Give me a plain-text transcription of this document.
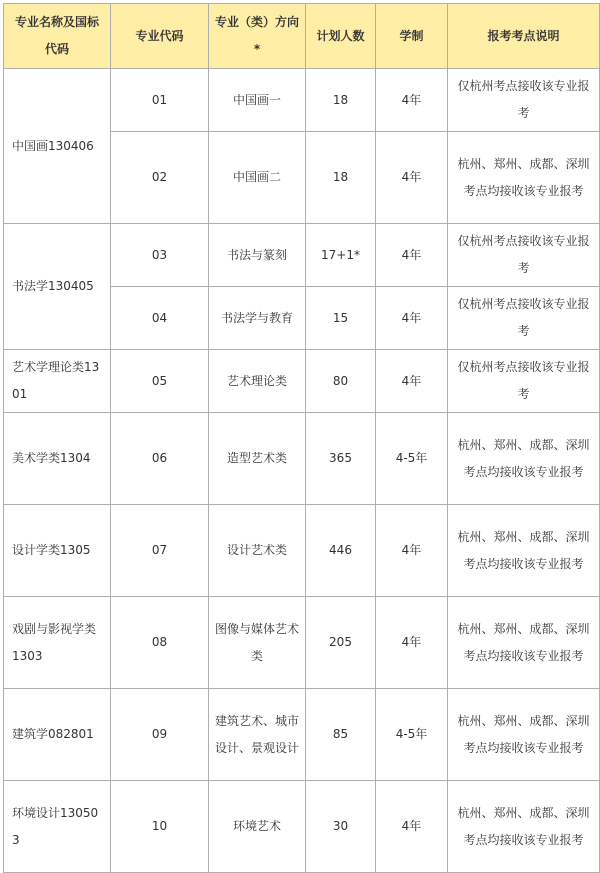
专业名称及国标代码	专业代码	专业（类）方向*	计划人数	学制	报考考点说明
中国画130406	01	中国画一	18	4年	仅杭州考点接收该专业报考
	02	中国画二	18	4年	杭州、郑州、成都、深圳考点均接收该专业报考
书法学130405	03	书法与篆刻	17+1*	4年	仅杭州考点接收该专业报考
	04	书法学与教育	15	4年	仅杭州考点接收该专业报考
艺术学理论类1301	05	艺术理论类	80	4年	仅杭州考点接收该专业报考
美术学类1304	06	造型艺术类	365	4-5年	杭州、郑州、成都、深圳考点均接收该专业报考
设计学类1305	07	设计艺术类	446	4年	杭州、郑州、成都、深圳考点均接收该专业报考
戏剧与影视学类1303	08	图像与媒体艺术类	205	4年	杭州、郑州、成都、深圳考点均接收该专业报考
建筑学082801	09	建筑艺术、城市设计、景观设计	85	4-5年	杭州、郑州、成都、深圳考点均接收该专业报考
环境设计130503	10	环境艺术	30	4年	杭州、郑州、成都、深圳考点均接收该专业报考
